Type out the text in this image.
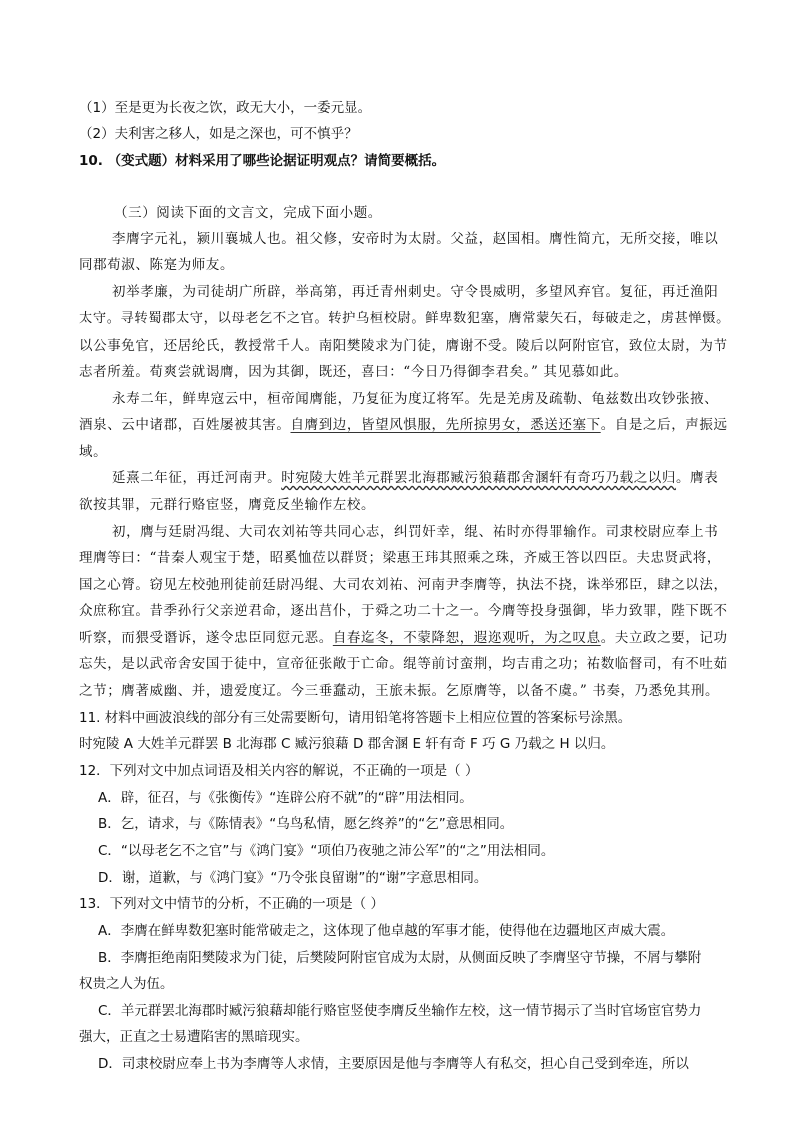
（1）至是更为长夜之饮，政无大小，一委元显。
（2）夫利害之移人，如是之深也，可不慎乎？
10. （变式题）材料采用了哪些论据证明观点？请简要概括。
（三）阅读下面的文言文，完成下面小题。
李膺字元礼，颍川襄城人也。祖父修，安帝时为太尉。父益，赵国相。膺性简亢，无所交接，唯以
同郡荀淑、陈寔为师友。
初举孝廉，为司徒胡广所辟，举高第，再迁青州刺史。守令畏威明，多望风弃官。复征，再迁渔阳
太守。寻转蜀郡太守，以母老乞不之官。转护乌桓校尉。鲜卑数犯塞，膺常蒙矢石，每破走之，虏甚惮慑。
以公事免官，还居纶氏，教授常千人。南阳樊陵求为门徒，膺谢不受。陵后以阿附宦官，致位太尉，为节
志者所羞。荀爽尝就谒膺，因为其御，既还，喜曰：“今日乃得御李君矣。” 其见慕如此。
永寿二年，鲜卑寇云中，桓帝闻膺能，乃复征为度辽将军。先是羌虏及疏勒、龟兹数出攻钞张掖、
酒泉、云中诸郡，百姓屡被其害。自膺到边，皆望风惧服，先所掠男女，悉送还塞下。自是之后，声振远
域。
延熹二年征，再迁河南尹。时宛陵大姓羊元群罢北海郡臧污狼藉郡舍溷轩有奇巧乃载之以归。膺表
欲按其罪，元群行赂宦竖，膺竟反坐输作左校。
初，膺与廷尉冯绲、大司农刘祐等共同心志，纠罚奸幸，绲、祐时亦得罪输作。司隶校尉应奉上书
理膺等曰：“昔秦人观宝于楚，昭奚恤莅以群贤；梁惠王玮其照乘之珠，齐威王答以四臣。夫忠贤武将，
国之心膂。窃见左校弛刑徒前廷尉冯绲、大司农刘祐、河南尹李膺等，执法不挠，诛举邪臣，肆之以法，
众庶称宜。昔季孙行父亲逆君命，逐出莒仆，于舜之功二十之一。今膺等投身强御，毕力致罪，陛下既不
听察，而猥受谮诉，遂令忠臣同愆元恶。自春迄冬，不蒙降恕，遐迩观听，为之叹息。夫立政之要，记功
忘失，是以武帝舍安国于徒中，宣帝征张敞于亡命。绲等前讨蛮荆，均吉甫之功；祐数临督司，有不吐茹
之节；膺著威幽、并，遗爱度辽。今三垂蠢动，王旅未振。乞原膺等，以备不虞。” 书奏，乃悉免其刑。
11. 材料中画波浪线的部分有三处需要断句，请用铅笔将答题卡上相应位置的答案标号涂黑。
时宛陵 A 大姓羊元群罢 B 北海郡 C 臧污狼藉 D 郡舍溷 E 轩有奇 F 巧 G 乃载之 H 以归。
12．下列对文中加点词语及相关内容的解说，不正确的一项是（ ）
A．辟，征召，与《张衡传》“连辟公府不就”的“辟”用法相同。
B．乞，请求，与《陈情表》“乌鸟私情，愿乞终养”的“乞”意思相同。
C．“以母老乞不之官”与《鸿门宴》“项伯乃夜驰之沛公军”的“之”用法相同。
D．谢，道歉，与《鸿门宴》“乃令张良留谢”的“谢”字意思相同。
13．下列对文中情节的分析，不正确的一项是（ ）
A．李膺在鲜卑数犯塞时能常破走之，这体现了他卓越的军事才能，使得他在边疆地区声威大震。
B．李膺拒绝南阳樊陵求为门徒，后樊陵阿附宦官成为太尉，从侧面反映了李膺坚守节操，不屑与攀附
权贵之人为伍。
C．羊元群罢北海郡时臧污狼藉却能行赂宦竖使李膺反坐输作左校，这一情节揭示了当时官场宦官势力
强大，正直之士易遭陷害的黑暗现实。
D．司隶校尉应奉上书为李膺等人求情，主要原因是他与李膺等人有私交，担心自己受到牵连，所以
